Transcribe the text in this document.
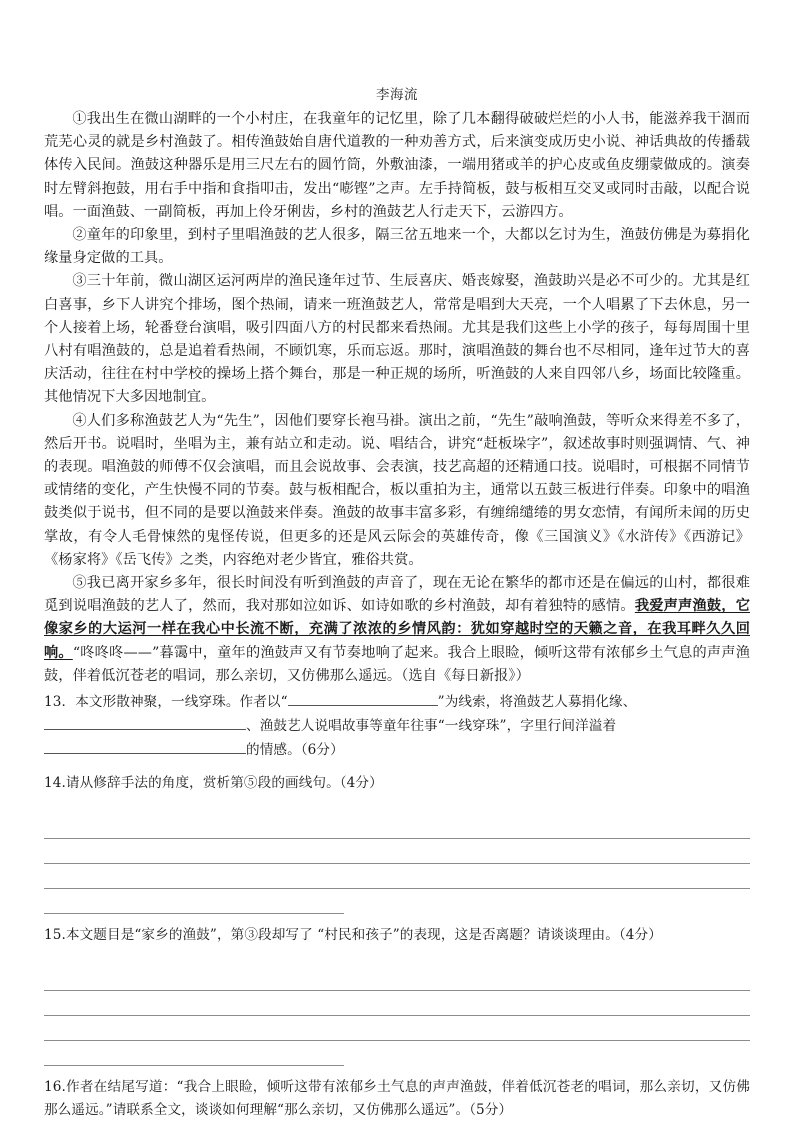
李海流

①我出生在微山湖畔的一个小村庄，在我童年的记忆里，除了几本翻得破破烂烂的小人书，能滋养我干涸而荒芜心灵的就是乡村渔鼓了。相传渔鼓始自唐代道教的一种劝善方式，后来演变成历史小说、神话典故的传播载体传入民间。渔鼓这种器乐是用三尺左右的圆竹筒，外敷油漆，一端用猪或羊的护心皮或鱼皮绷蒙做成的。演奏时左臂斜抱鼓，用右手中指和食指叩击，发出“嘭铿”之声。左手持简板，鼓与板相互交叉或同时击敲，以配合说唱。一面渔鼓、一副简板，再加上伶牙俐齿，乡村的渔鼓艺人行走天下，云游四方。

②童年的印象里，到村子里唱渔鼓的艺人很多，隔三岔五地来一个，大都以乞讨为生，渔鼓仿佛是为募捐化缘量身定做的工具。

③三十年前，微山湖区运河两岸的渔民逢年过节、生辰喜庆、婚丧嫁娶，渔鼓助兴是必不可少的。尤其是红白喜事，乡下人讲究个排场，图个热闹，请来一班渔鼓艺人，常常是唱到大天亮，一个人唱累了下去休息，另一个人接着上场，轮番登台演唱，吸引四面八方的村民都来看热闹。尤其是我们这些上小学的孩子，每每周围十里八村有唱渔鼓的，总是追着看热闹，不顾饥寒，乐而忘返。那时，演唱渔鼓的舞台也不尽相同，逢年过节大的喜庆活动，往往在村中学校的操场上搭个舞台，那是一种正规的场所，听渔鼓的人来自四邻八乡，场面比较隆重。其他情况下大多因地制宜。

④人们多称渔鼓艺人为“先生”，因他们要穿长袍马褂。演出之前，“先生”敲响渔鼓，等听众来得差不多了，然后开书。说唱时，坐唱为主，兼有站立和走动。说、唱结合，讲究“赶板垛字”，叙述故事时则强调情、气、神的表现。唱渔鼓的师傅不仅会演唱，而且会说故事、会表演，技艺高超的还精通口技。说唱时，可根据不同情节或情绪的变化，产生快慢不同的节奏。鼓与板相配合，板以重拍为主，通常以五鼓三板进行伴奏。印象中的唱渔鼓类似于说书，但不同的是要以渔鼓来伴奏。渔鼓的故事丰富多彩，有缠绵缱绻的男女恋情，有闻所未闻的历史掌故，有令人毛骨悚然的鬼怪传说，但更多的还是风云际会的英雄传奇，像《三国演义》《水浒传》《西游记》《杨家将》《岳飞传》之类，内容绝对老少皆宜，雅俗共赏。

⑤我已离开家乡多年，很长时间没有听到渔鼓的声音了，现在无论在繁华的都市还是在偏远的山村，都很难觅到说唱渔鼓的艺人了，然而，我对那如泣如诉、如诗如歌的乡村渔鼓，却有着独特的感情。我爱声声渔鼓，它像家乡的大运河一样在我心中长流不断，充满了浓浓的乡情风韵：犹如穿越时空的天籁之音，在我耳畔久久回响。“咚咚咚——”暮霭中，童年的渔鼓声又有节奏地响了起来。我合上眼睑，倾听这带有浓郁乡土气息的声声渔鼓，伴着低沉苍老的唱词，那么亲切，又仿佛那么遥远。（选自《每日新报》）

13．本文形散神聚，一线穿珠。作者以“	”为线索，将渔鼓艺人募捐化缘、
、渔鼓艺人说唱故事等童年往事“一线穿珠”，字里行间洋溢着
的情感。（6分）

14.请从修辞手法的角度，赏析第⑤段的画线句。（4分）

15.本文题目是“家乡的渔鼓”，第③段却写了 “村民和孩子”的表现，这是否离题？请谈谈理由。（4分）

16.作者在结尾写道：“我合上眼睑，倾听这带有浓郁乡土气息的声声渔鼓，伴着低沉苍老的唱词，那么亲切，又仿佛那么遥远。”请联系全文，谈谈如何理解“那么亲切，又仿佛那么遥远”。（5分）
